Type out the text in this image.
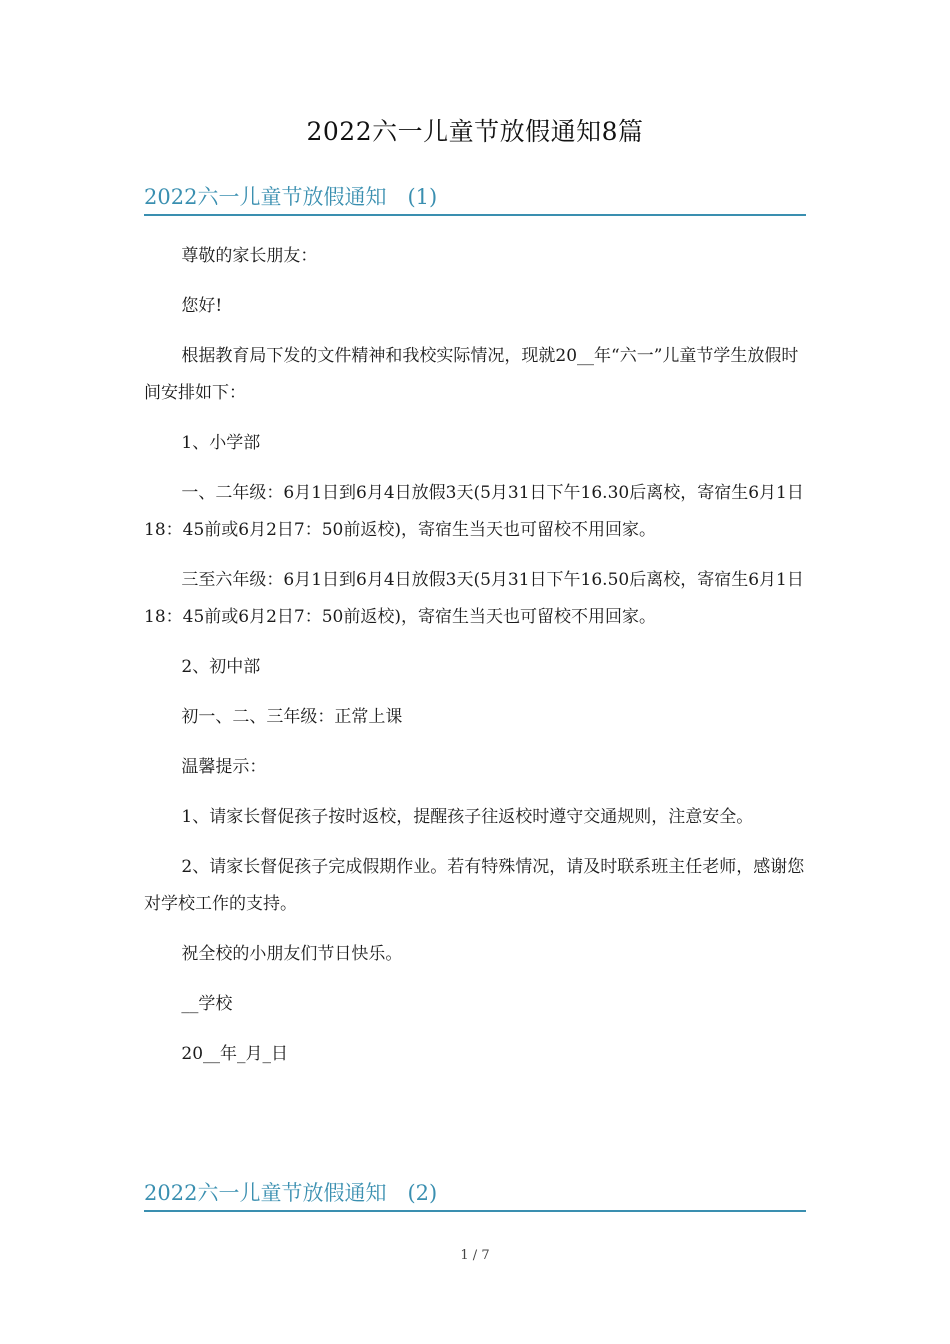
2022六一儿童节放假通知8篇
2022六一儿童节放假通知　(1)

尊敬的家长朋友：

您好!

根据教育局下发的文件精神和我校实际情况，现就20__年“六一”儿童节学生放假时间安排如下：

1、小学部

一、二年级：6月1日到6月4日放假3天(5月31日下午16.30后离校，寄宿生6月1日18：45前或6月2日7：50前返校)，寄宿生当天也可留校不用回家。

三至六年级：6月1日到6月4日放假3天(5月31日下午16.50后离校，寄宿生6月1日18：45前或6月2日7：50前返校)，寄宿生当天也可留校不用回家。

2、初中部

初一、二、三年级：正常上课

温馨提示：

1、请家长督促孩子按时返校，提醒孩子往返校时遵守交通规则，注意安全。

2、请家长督促孩子完成假期作业。若有特殊情况，请及时联系班主任老师，感谢您对学校工作的支持。

祝全校的小朋友们节日快乐。

__学校

20__年_月_日

2022六一儿童节放假通知　(2)
1 / 7
